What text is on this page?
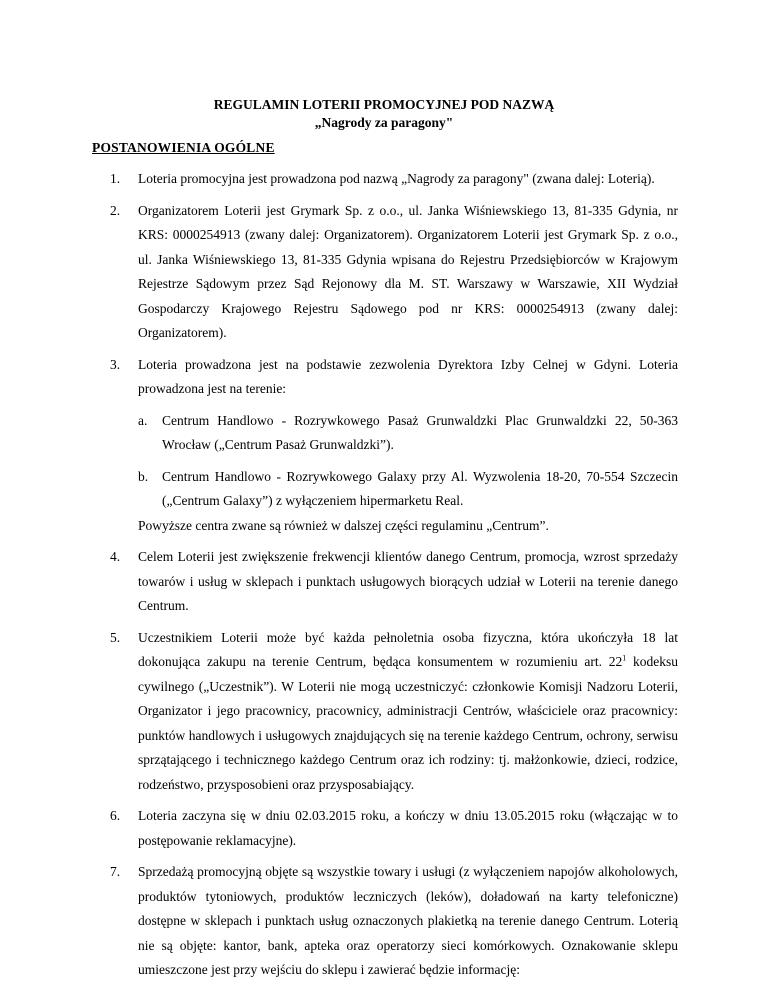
REGULAMIN LOTERII PROMOCYJNEJ POD NAZWĄ
„Nagrody za paragony"
POSTANOWIENIA OGÓLNE
1. Loteria promocyjna jest prowadzona pod nazwą „Nagrody za paragony" (zwana dalej: Loterią).
2. Organizatorem Loterii jest Grymark Sp. z o.o., ul. Janka Wiśniewskiego 13, 81-335 Gdynia, nr KRS: 0000254913 (zwany dalej: Organizatorem). Organizatorem Loterii jest Grymark Sp. z o.o., ul. Janka Wiśniewskiego 13, 81-335 Gdynia wpisana do Rejestru Przedsiębiorców w Krajowym Rejestrze Sądowym przez Sąd Rejonowy dla M. ST. Warszawy w Warszawie, XII Wydział Gospodarczy Krajowego Rejestru Sądowego pod nr KRS: 0000254913 (zwany dalej: Organizatorem).
3. Loteria prowadzona jest na podstawie zezwolenia Dyrektora Izby Celnej w Gdyni. Loteria prowadzona jest na terenie:
a. Centrum Handlowo - Rozrywkowego Pasaż Grunwaldzki Plac Grunwaldzki 22, 50-363 Wrocław („Centrum Pasaż Grunwaldzki”).
b. Centrum Handlowo - Rozrywkowego Galaxy przy Al. Wyzwolenia 18-20, 70-554 Szczecin („Centrum Galaxy”) z wyłączeniem hipermarketu Real.
Powyższe centra zwane są również w dalszej części regulaminu „Centrum”.
4. Celem Loterii jest zwiększenie frekwencji klientów danego Centrum, promocja, wzrost sprzedaży towarów i usług w sklepach i punktach usługowych biorących udział w Loterii na terenie danego Centrum.
5. Uczestnikiem Loterii może być każda pełnoletnia osoba fizyczna, która ukończyła 18 lat dokonująca zakupu na terenie Centrum, będąca konsumentem w rozumieniu art. $22^1$ kodeksu cywilnego („Uczestnik”). W Loterii nie mogą uczestniczyć: członkowie Komisji Nadzoru Loterii, Organizator i jego pracownicy, pracownicy, administracji Centrów, właściciele oraz pracownicy: punktów handlowych i usługowych znajdujących się na terenie każdego Centrum, ochrony, serwisu sprzątającego i technicznego każdego Centrum oraz ich rodziny: tj. małżonkowie, dzieci, rodzice, rodzeństwo, przysposobieni oraz przysposabiający.
6. Loteria zaczyna się w dniu 02.03.2015 roku, a kończy w dniu 13.05.2015 roku (włączając w to postępowanie reklamacyjne).
7. Sprzedażą promocyjną objęte są wszystkie towary i usługi (z wyłączeniem napojów alkoholowych, produktów tytoniowych, produktów leczniczych (leków), doładowań na karty telefoniczne) dostępne w sklepach i punktach usług oznaczonych plakietką na terenie danego Centrum. Loterią nie są objęte: kantor, bank, apteka oraz operatorzy sieci komórkowych. Oznakowanie sklepu umieszczone jest przy wejściu do sklepu i zawierać będzie informację:
